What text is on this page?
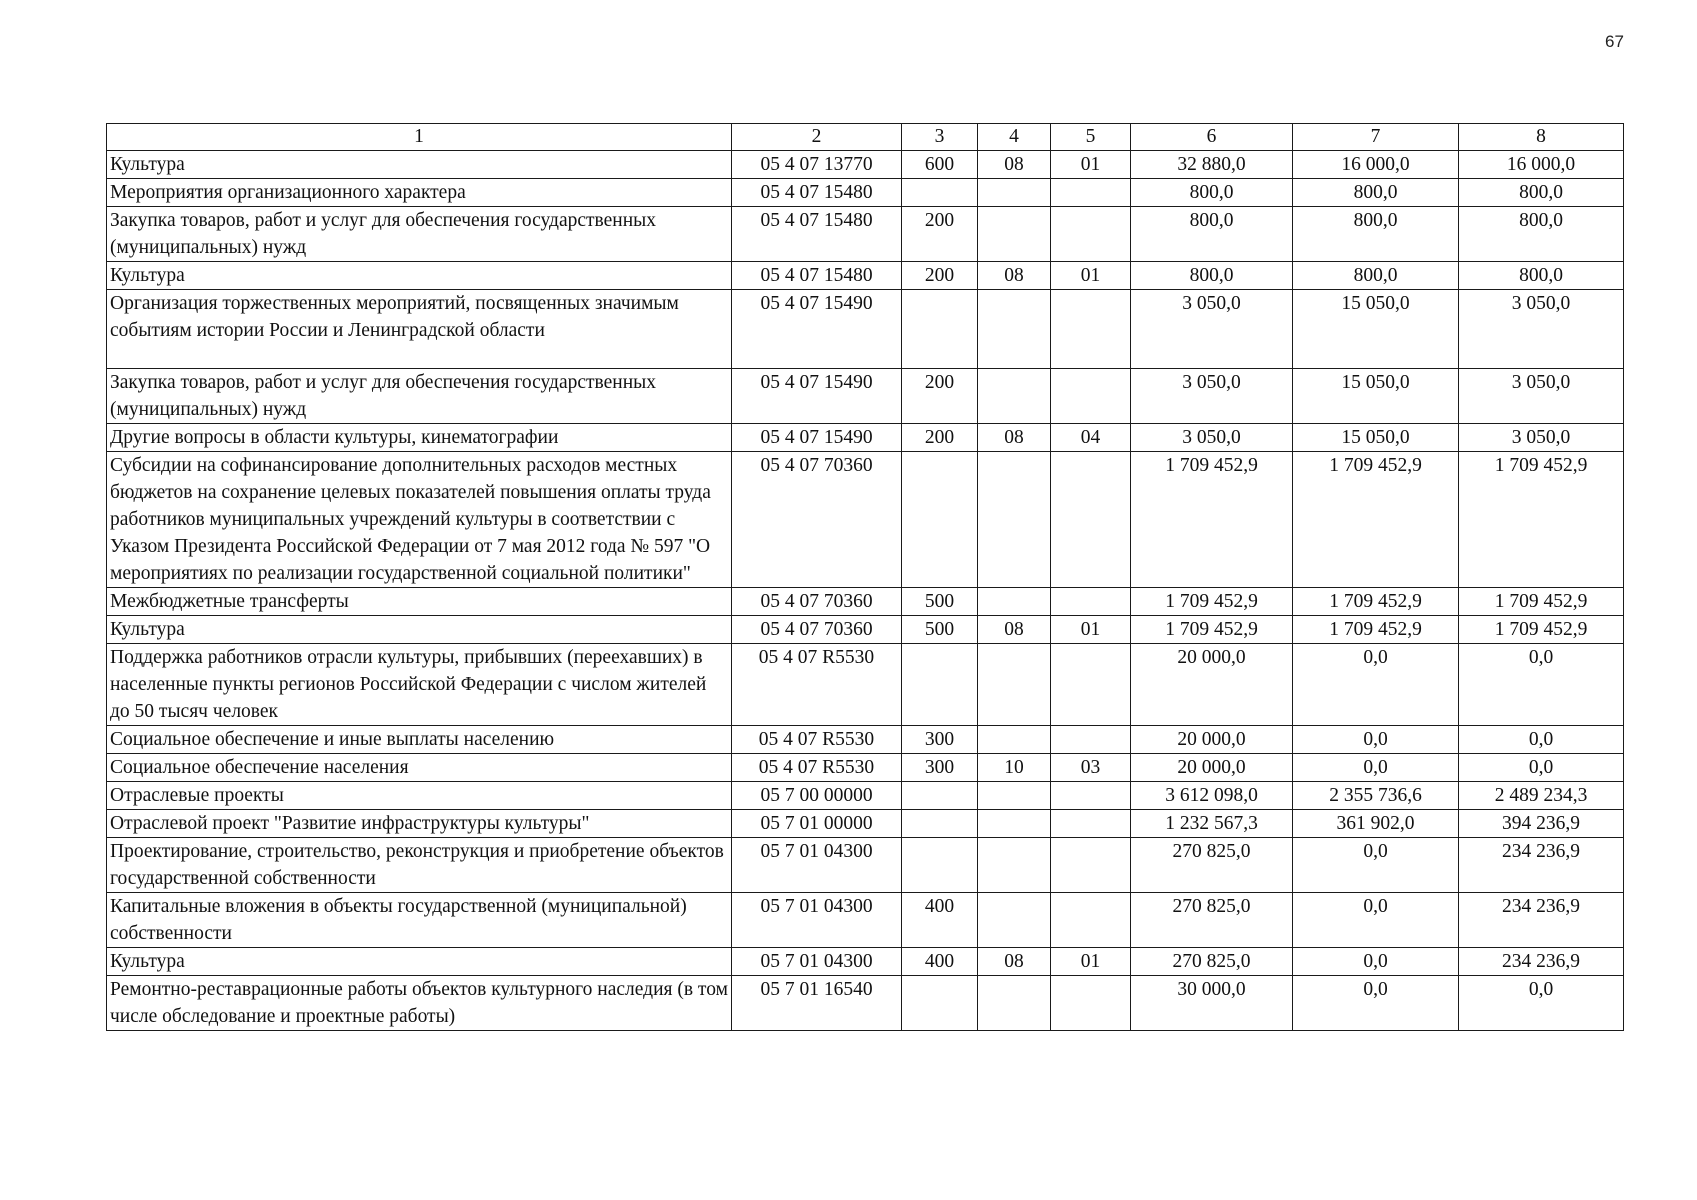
67
1	2	3	4	5	6	7	8
Культура	05 4 07 13770	600	08	01	32 880,0	16 000,0	16 000,0
Мероприятия организационного характера	05 4 07 15480				800,0	800,0	800,0
Закупка товаров, работ и услуг для обеспечения государственных (муниципальных) нужд	05 4 07 15480	200			800,0	800,0	800,0
Культура	05 4 07 15480	200	08	01	800,0	800,0	800,0
Организация торжественных мероприятий, посвященных значимым событиям истории России и Ленинградской области	05 4 07 15490				3 050,0	15 050,0	3 050,0
Закупка товаров, работ и услуг для обеспечения государственных (муниципальных) нужд	05 4 07 15490	200			3 050,0	15 050,0	3 050,0
Другие вопросы в области культуры, кинематографии	05 4 07 15490	200	08	04	3 050,0	15 050,0	3 050,0
Субсидии на софинансирование дополнительных расходов местных бюджетов на сохранение целевых показателей повышения оплаты труда работников муниципальных учреждений культуры в соответствии с Указом Президента Российской Федерации от 7 мая 2012 года № 597 "О мероприятиях по реализации государственной социальной политики"	05 4 07 70360				1 709 452,9	1 709 452,9	1 709 452,9
Межбюджетные трансферты	05 4 07 70360	500			1 709 452,9	1 709 452,9	1 709 452,9
Культура	05 4 07 70360	500	08	01	1 709 452,9	1 709 452,9	1 709 452,9
Поддержка работников отрасли культуры, прибывших (переехавших) в населенные пункты регионов Российской Федерации с числом жителей до 50 тысяч человек	05 4 07 R5530				20 000,0	0,0	0,0
Социальное обеспечение и иные выплаты населению	05 4 07 R5530	300			20 000,0	0,0	0,0
Социальное обеспечение населения	05 4 07 R5530	300	10	03	20 000,0	0,0	0,0
Отраслевые проекты	05 7 00 00000				3 612 098,0	2 355 736,6	2 489 234,3
Отраслевой проект "Развитие инфраструктуры культуры"	05 7 01 00000				1 232 567,3	361 902,0	394 236,9
Проектирование, строительство, реконструкция и приобретение объектов государственной собственности	05 7 01 04300				270 825,0	0,0	234 236,9
Капитальные вложения в объекты государственной (муниципальной) собственности	05 7 01 04300	400			270 825,0	0,0	234 236,9
Культура	05 7 01 04300	400	08	01	270 825,0	0,0	234 236,9
Ремонтно-реставрационные работы объектов культурного наследия (в том числе обследование и проектные работы)	05 7 01 16540				30 000,0	0,0	0,0
